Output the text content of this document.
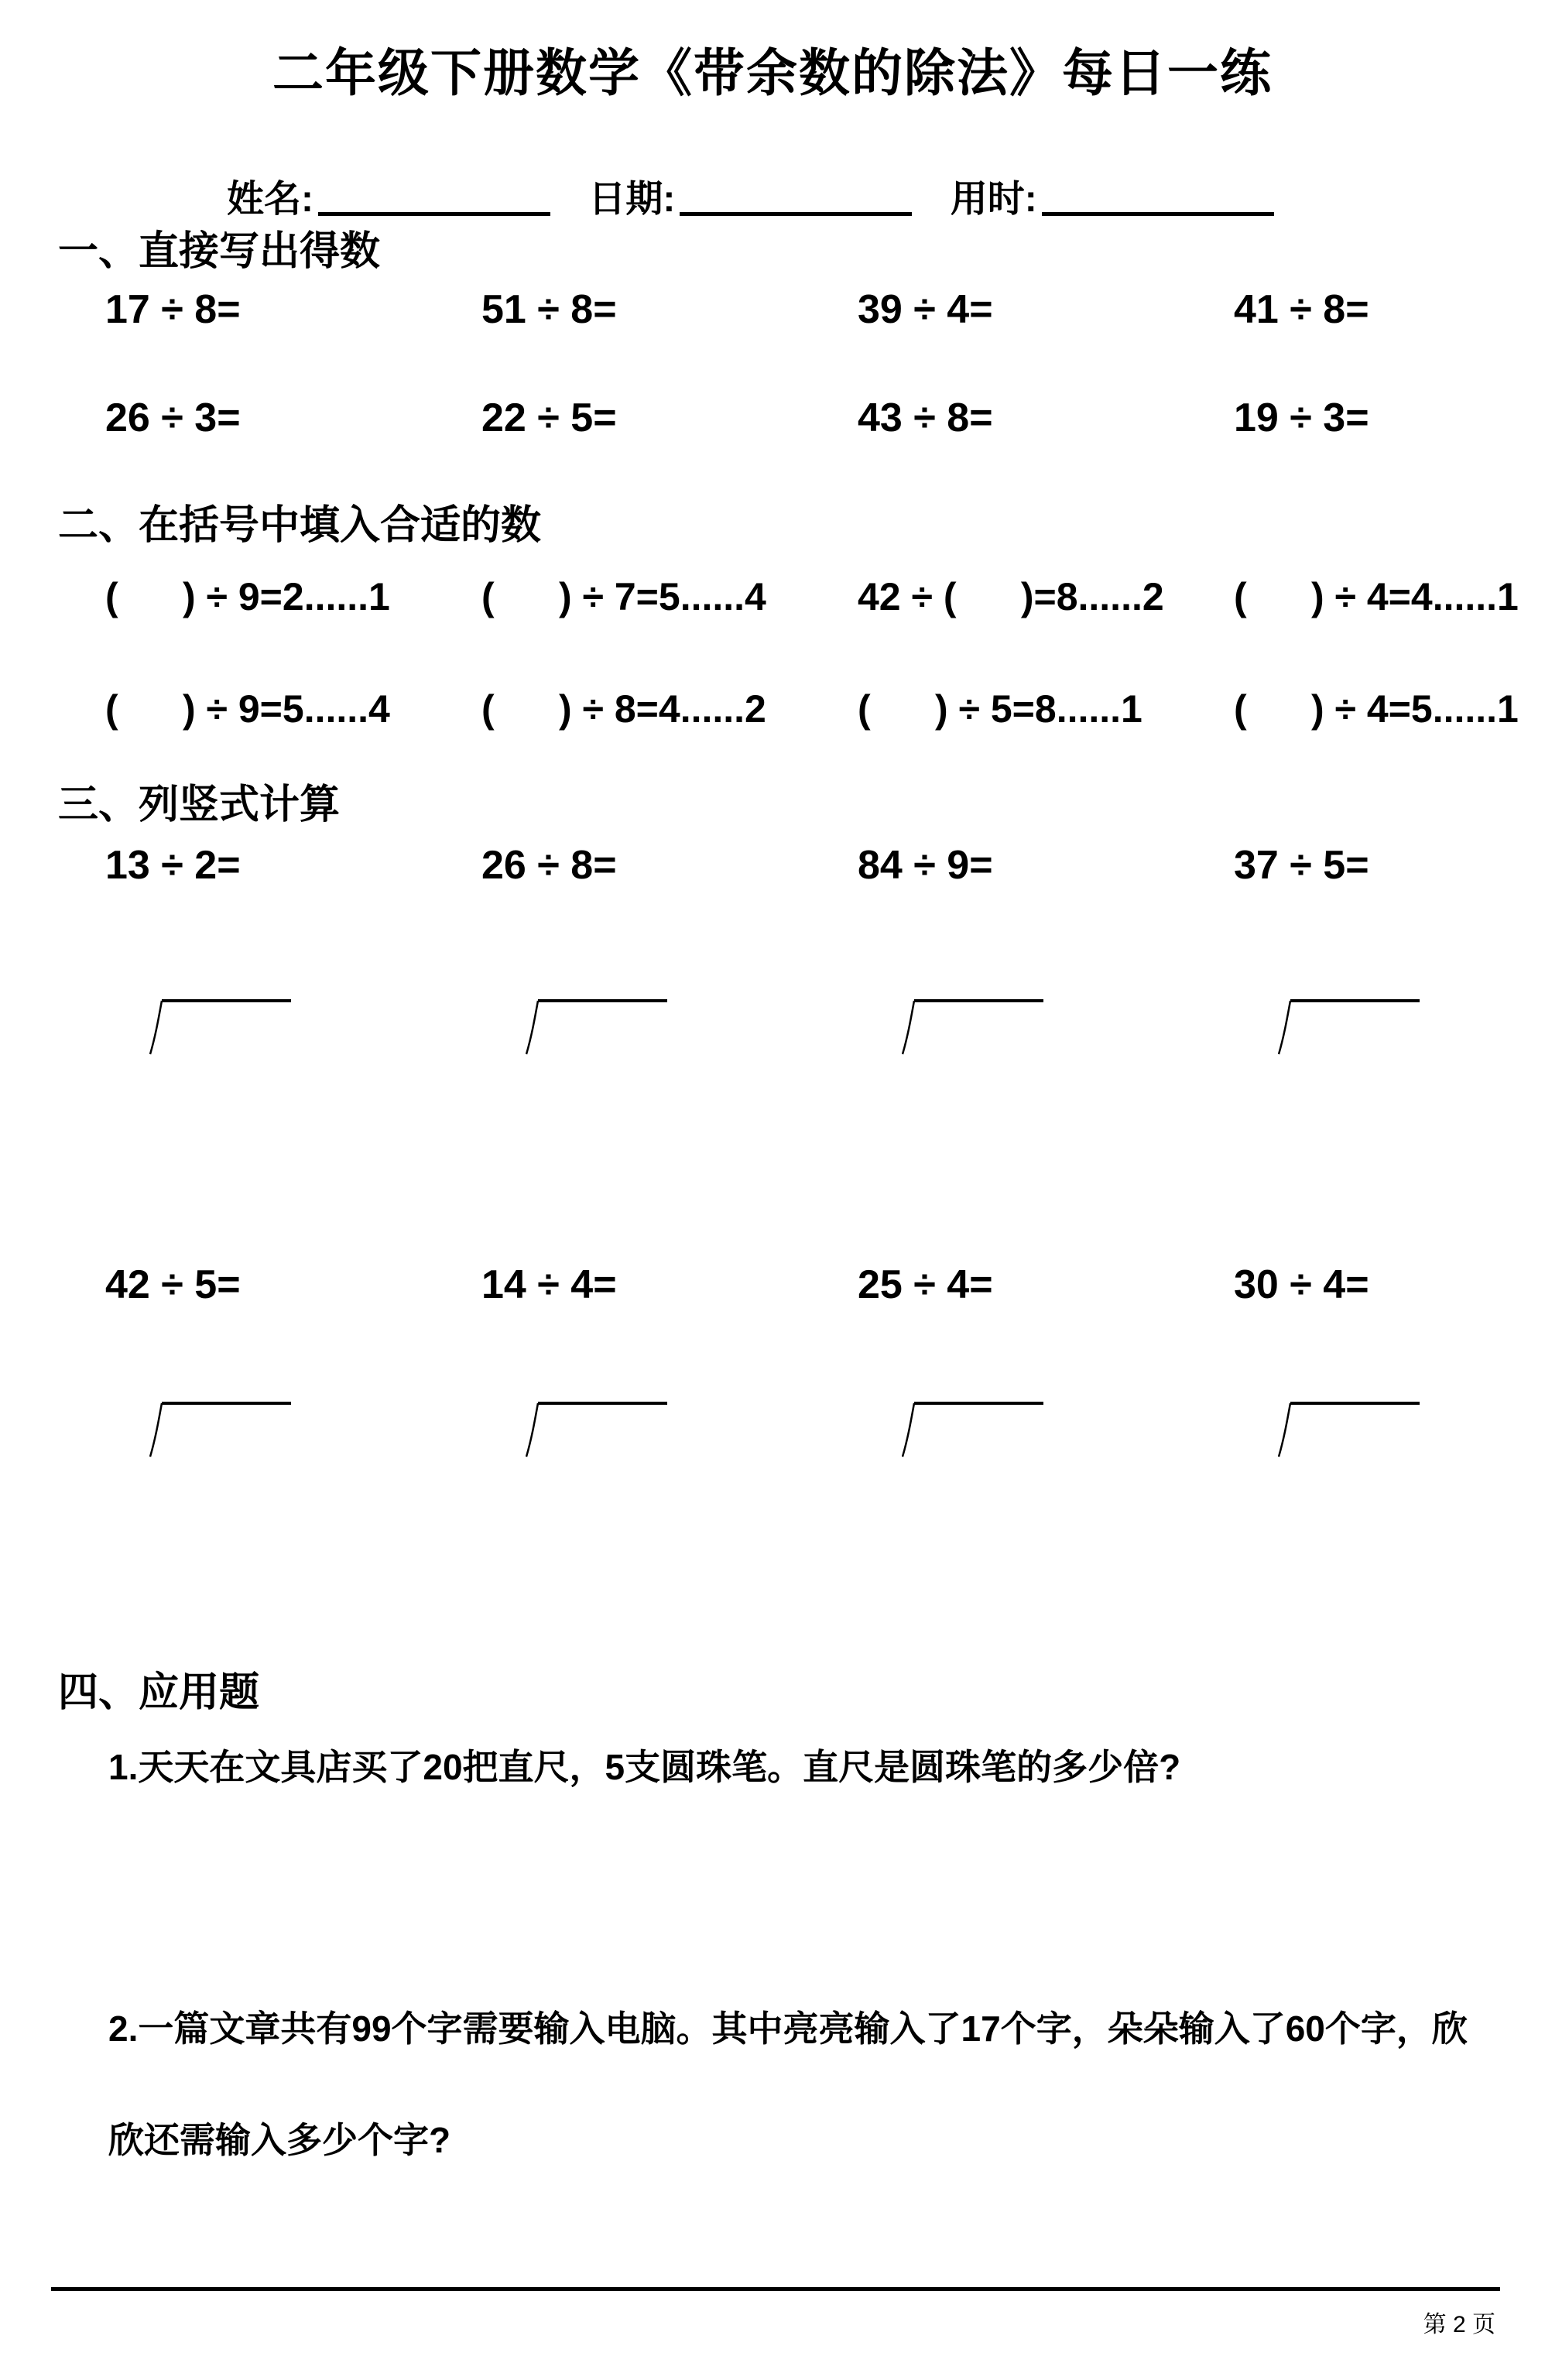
二年级下册数学《带余数的除法》每日一练
姓名:	日期:	用时:
一、直接写出得数
17 ÷ 8=	51 ÷ 8=	39 ÷ 4=	41 ÷ 8=
26 ÷ 3=	22 ÷ 5=	43 ÷ 8=	19 ÷ 3=
二、在括号中填入合适的数
(      ) ÷ 9=2......1	(      ) ÷ 7=5......4	42 ÷ (      )=8......2	(      ) ÷ 4=4......1
(      ) ÷ 9=5......4	(      ) ÷ 8=4......2	(      ) ÷ 5=8......1	(      ) ÷ 4=5......1
三、列竖式计算
13 ÷ 2=	26 ÷ 8=	84 ÷ 9=	37 ÷ 5=
42 ÷ 5=	14 ÷ 4=	25 ÷ 4=	30 ÷ 4=
四、应用题

1.天天在文具店买了20把直尺，5支圆珠笔。直尺是圆珠笔的多少倍?

2.一篇文章共有99个字需要输入电脑。其中亮亮输入了17个字，朵朵输入了60个字，欣

欣还需输入多少个字?

第 2 页
